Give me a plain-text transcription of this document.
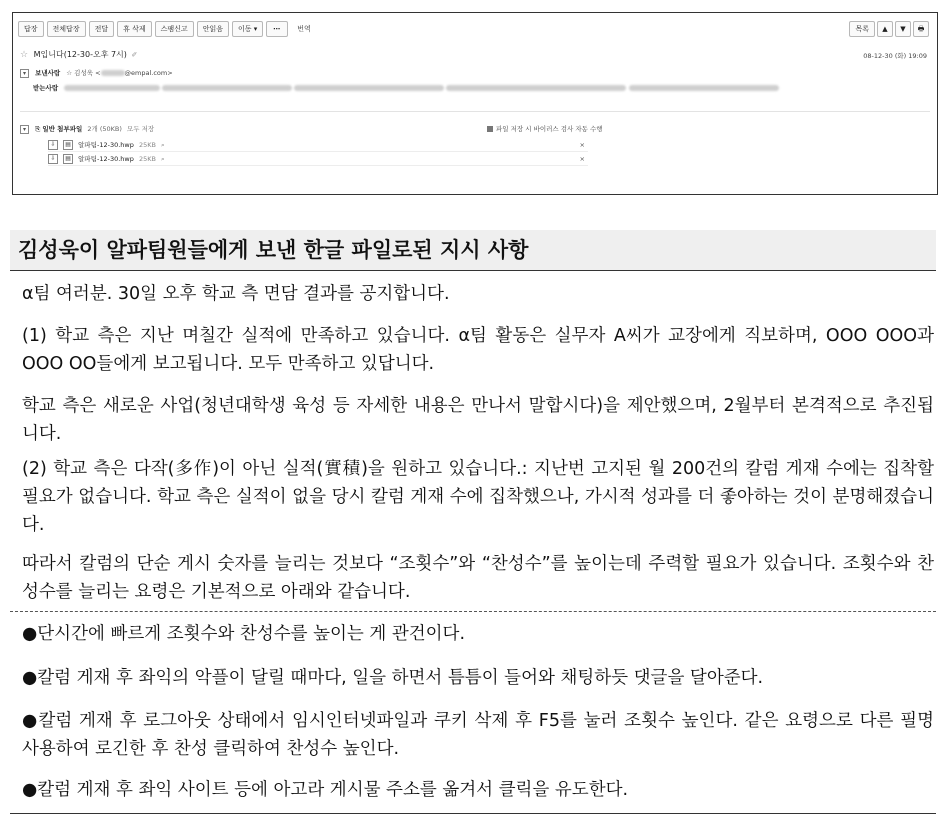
답장	전체답장	전달	휴 삭제	스팸신고	안읽음	이동 ▾	⋯	번역	목록	▲	▼	🖶
☆ M입니다(12-30-오후 7시) ✐	08-12-30 (화) 19:09
▾ 보낸사람 ☆ 김성욱 <	@empal.com>
받는사람
▾ ⎘ 일반 첨부파일 2개 (50KB) 모두 저장	파일 저장 시 바이러스 검사 자동 수행
⇩ ▤ 알파팀-12-30.hwp 25KB ⌕	×
⇩ ▤ 알파팀-12-30.hwp 25KB ⌕	×
김성욱이 알파팀원들에게 보낸 한글 파일로된 지시 사항
α팀 여러분. 30일 오후 학교 측 면담 결과를 공지합니다.
(1) 학교 측은 지난 며칠간 실적에 만족하고 있습니다. α팀 활동은 실무자 A씨가 교장에게 직보하며, OOO OOO과 OOO OO들에게 보고됩니다. 모두 만족하고 있답니다.
학교 측은 새로운 사업(청년대학생 육성 등 자세한 내용은 만나서 말합시다)을 제안했으며, 2월부터 본격적으로 추진됩니다.
(2) 학교 측은 다작(多作)이 아닌 실적(實積)을 원하고 있습니다.: 지난번 고지된 월 200건의 칼럼 게재 수에는 집착할 필요가 없습니다. 학교 측은 실적이 없을 당시 칼럼 게재 수에 집착했으나, 가시적 성과를 더 좋아하는 것이 분명해졌습니다.
따라서 칼럼의 단순 게시 숫자를 늘리는 것보다 “조횟수”와 “찬성수”를 높이는데 주력할 필요가 있습니다. 조횟수와 찬성수를 늘리는 요령은 기본적으로 아래와 같습니다.
●단시간에 빠르게 조횟수와 찬성수를 높이는 게 관건이다.
●칼럼 게재 후 좌익의 악플이 달릴 때마다, 일을 하면서 틈틈이 들어와 채팅하듯 댓글을 달아준다.
●칼럼 게재 후 로그아웃 상태에서 임시인터넷파일과 쿠키 삭제 후 F5를 눌러 조횟수 높인다. 같은 요령으로 다른 필명 사용하여 로긴한 후 찬성 클릭하여 찬성수 높인다.
●칼럼 게재 후 좌익 사이트 등에 아고라 게시물 주소를 옮겨서 클릭을 유도한다.
